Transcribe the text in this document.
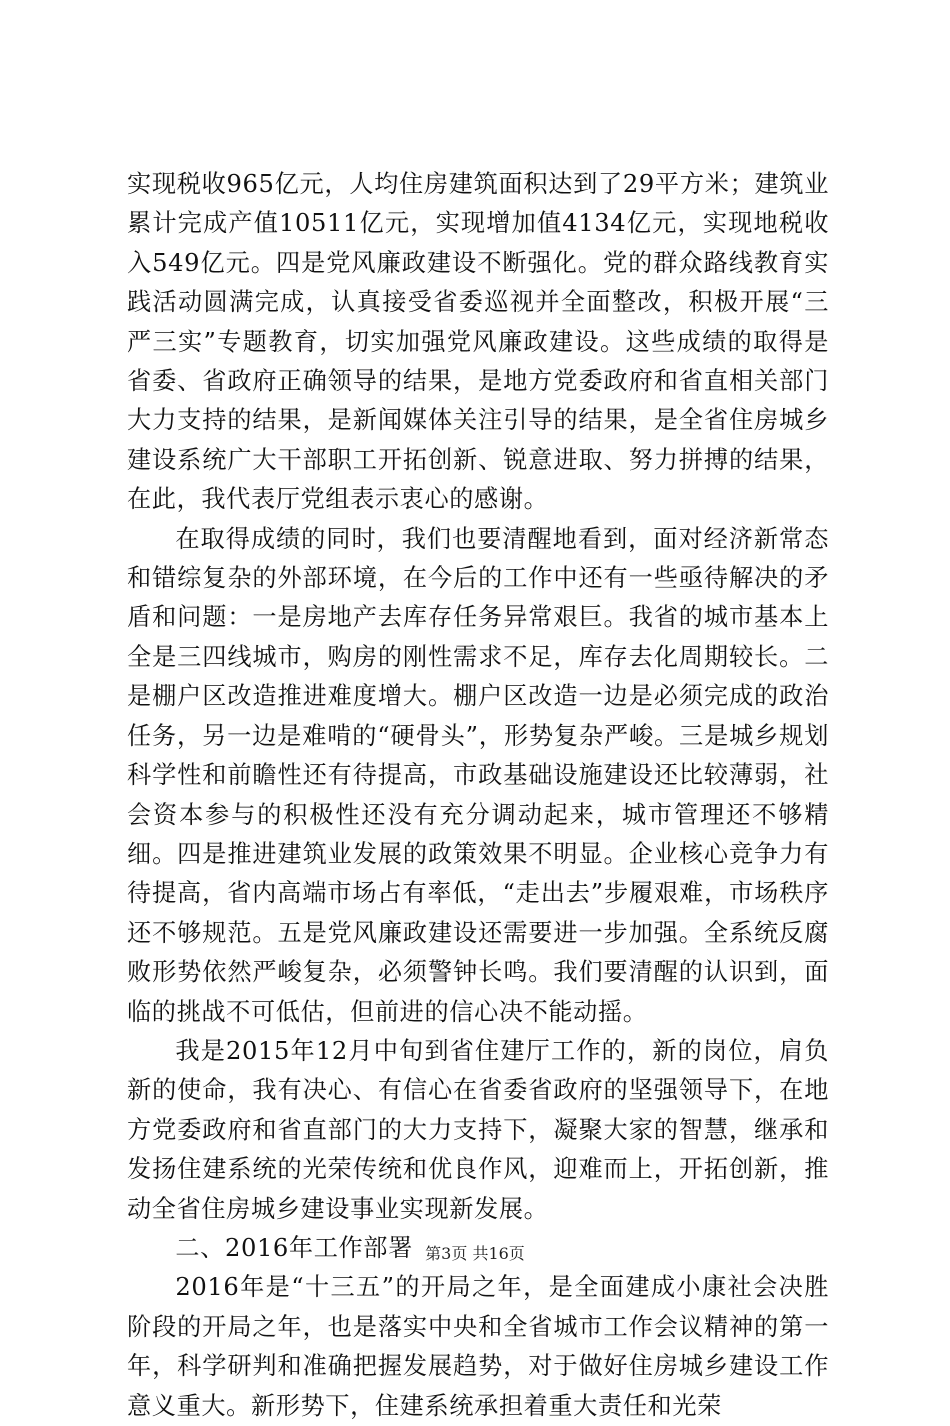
实现税收965亿元，人均住房建筑面积达到了29平方米；建筑业累计完成产值10511亿元，实现增加值4134亿元，实现地税收入549亿元。四是党风廉政建设不断强化。党的群众路线教育实践活动圆满完成，认真接受省委巡视并全面整改，积极开展“三严三实”专题教育，切实加强党风廉政建设。这些成绩的取得是省委、省政府正确领导的结果，是地方党委政府和省直相关部门大力支持的结果，是新闻媒体关注引导的结果，是全省住房城乡建设系统广大干部职工开拓创新、锐意进取、努力拼搏的结果，在此，我代表厅党组表示衷心的感谢。

在取得成绩的同时，我们也要清醒地看到，面对经济新常态和错综复杂的外部环境，在今后的工作中还有一些亟待解决的矛盾和问题：一是房地产去库存任务异常艰巨。我省的城市基本上全是三四线城市，购房的刚性需求不足，库存去化周期较长。二是棚户区改造推进难度增大。棚户区改造一边是必须完成的政治任务，另一边是难啃的“硬骨头”，形势复杂严峻。三是城乡规划科学性和前瞻性还有待提高，市政基础设施建设还比较薄弱，社会资本参与的积极性还没有充分调动起来，城市管理还不够精细。四是推进建筑业发展的政策效果不明显。企业核心竞争力有待提高，省内高端市场占有率低，“走出去”步履艰难，市场秩序还不够规范。五是党风廉政建设还需要进一步加强。全系统反腐败形势依然严峻复杂，必须警钟长鸣。我们要清醒的认识到，面临的挑战不可低估，但前进的信心决不能动摇。

我是2015年12月中旬到省住建厅工作的，新的岗位，肩负新的使命，我有决心、有信心在省委省政府的坚强领导下，在地方党委政府和省直部门的大力支持下，凝聚大家的智慧，继承和发扬住建系统的光荣传统和优良作风，迎难而上，开拓创新，推动全省住房城乡建设事业实现新发展。

二、2016年工作部署

2016年是“十三五”的开局之年，是全面建成小康社会决胜阶段的开局之年，也是落实中央和全省城市工作会议精神的第一年，科学研判和准确把握发展趋势，对于做好住房城乡建设工作意义重大。新形势下，住建系统承担着重大责任和光荣

第3页 共16页
